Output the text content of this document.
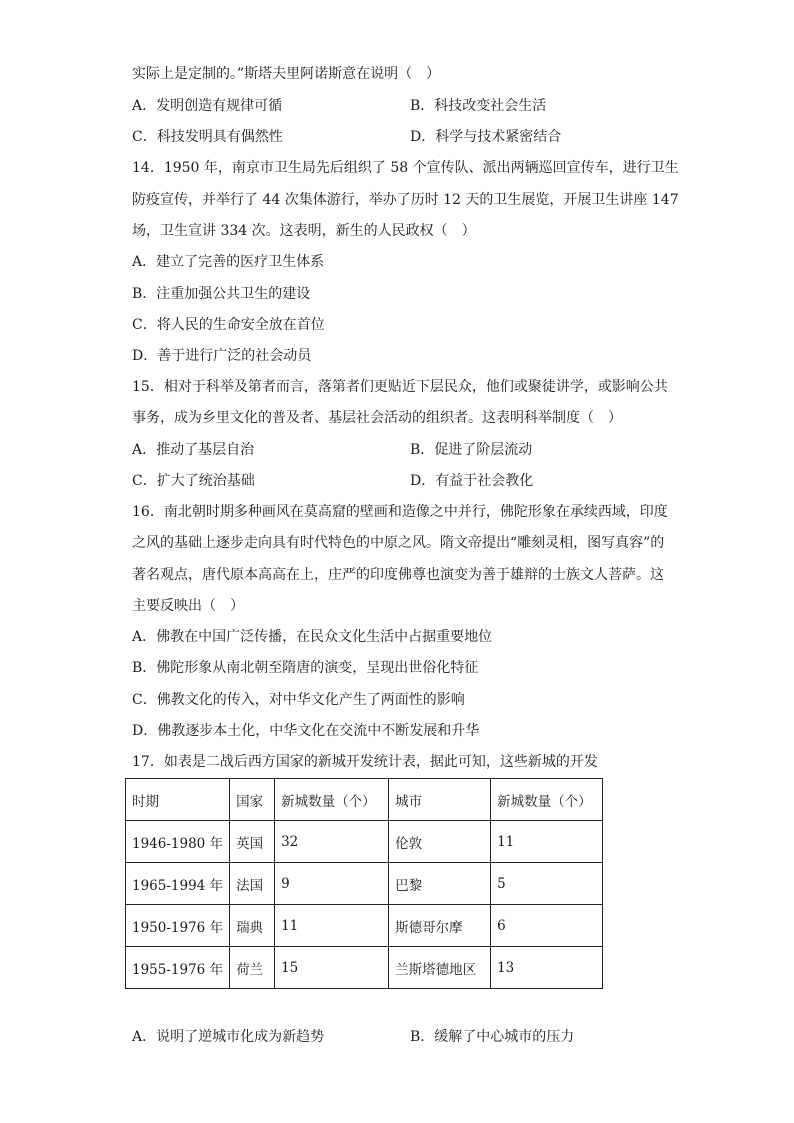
实际上是定制的。”斯塔夫里阿诺斯意在说明（　）
A．发明创造有规律可循	B．科技改变社会生活
C．科技发明具有偶然性	D．科学与技术紧密结合
14．1950 年，南京市卫生局先后组织了 58 个宣传队、派出两辆巡回宣传车，进行卫生
防疫宣传，并举行了 44 次集体游行，举办了历时 12 天的卫生展览，开展卫生讲座 147
场，卫生宣讲 334 次。这表明，新生的人民政权（　）
A．建立了完善的医疗卫生体系
B．注重加强公共卫生的建设
C．将人民的生命安全放在首位
D．善于进行广泛的社会动员
15．相对于科举及第者而言，落第者们更贴近下层民众，他们或聚徒讲学，或影响公共
事务，成为乡里文化的普及者、基层社会活动的组织者。这表明科举制度（　）
A．推动了基层自治	B．促进了阶层流动
C．扩大了统治基础	D．有益于社会教化
16．南北朝时期多种画风在莫高窟的壁画和造像之中并行，佛陀形象在承续西域，印度
之风的基础上逐步走向具有时代特色的中原之风。隋文帝提出“雕刻灵相，图写真容”的
著名观点，唐代原本高高在上，庄严的印度佛尊也演变为善于雄辩的士族文人菩萨。这
主要反映出（　）
A．佛教在中国广泛传播，在民众文化生活中占据重要地位
B．佛陀形象从南北朝至隋唐的演变，呈现出世俗化特征
C．佛教文化的传入，对中华文化产生了两面性的影响
D．佛教逐步本土化，中华文化在交流中不断发展和升华
17．如表是二战后西方国家的新城开发统计表，据此可知，这些新城的开发
时期	国家	新城数量（个）	城市	新城数量（个）
1946-1980 年	英国	32	伦敦	11
1965-1994 年	法国	9	巴黎	5
1950-1976 年	瑞典	11	斯德哥尔摩	6
1955-1976 年	荷兰	15	兰斯塔德地区	13
A．说明了逆城市化成为新趋势	B．缓解了中心城市的压力
